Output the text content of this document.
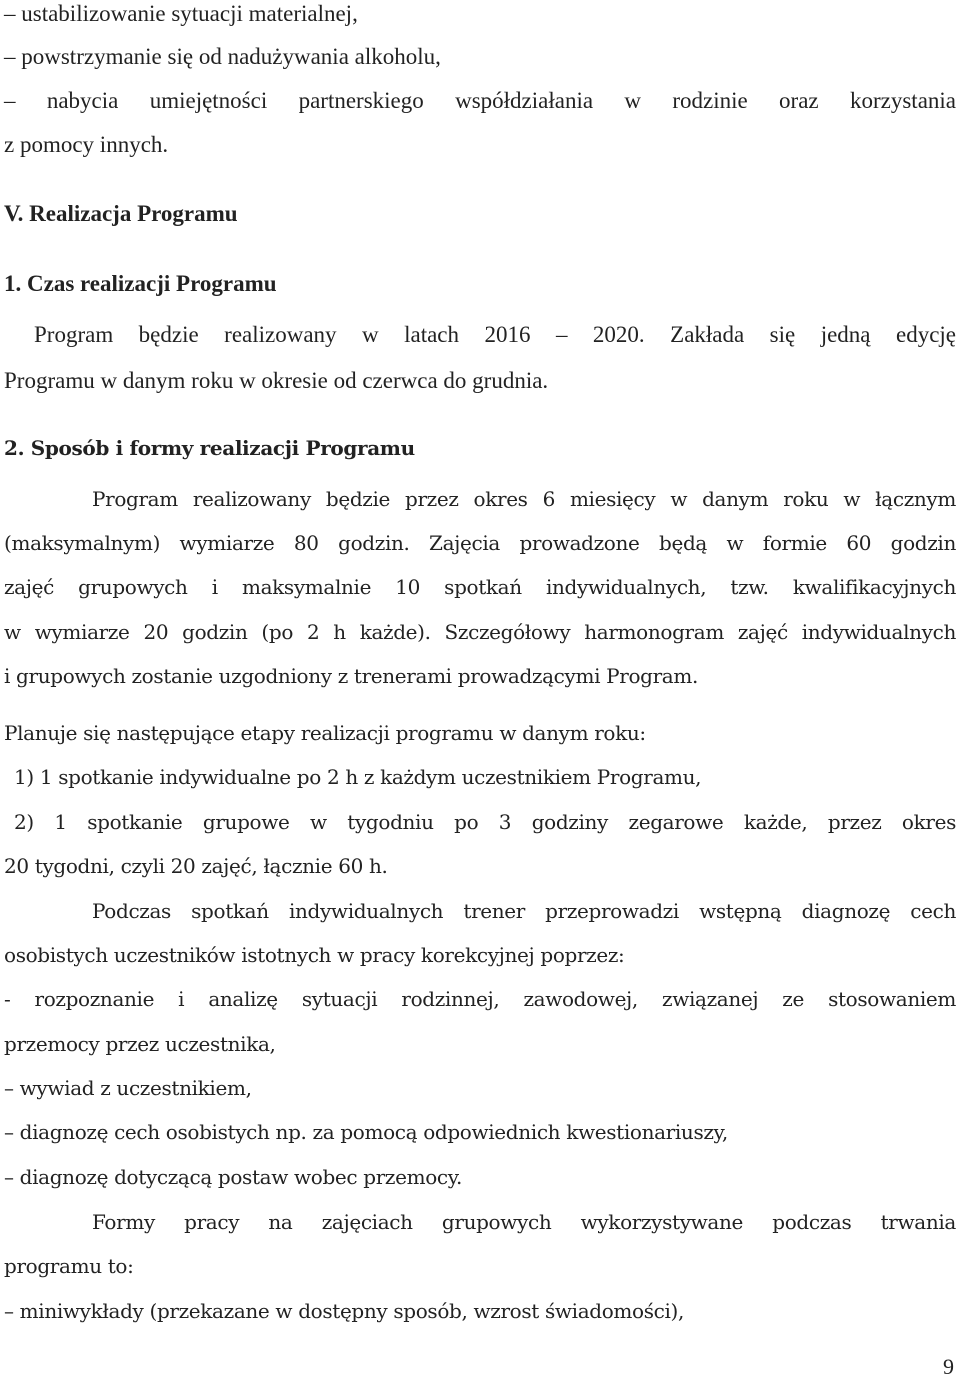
– ustabilizowanie sytuacji materialnej,
– powstrzymanie się od nadużywania alkoholu,
– nabycia umiejętności partnerskiego współdziałania w rodzinie oraz korzystania
z pomocy innych.
V. Realizacja Programu
1. Czas realizacji Programu
Program będzie realizowany w latach 2016 – 2020. Zakłada się jedną edycję
Programu w danym roku w okresie od czerwca do grudnia.
2. Sposób i formy realizacji Programu
Program realizowany będzie przez okres 6 miesięcy w danym roku w łącznym
(maksymalnym) wymiarze 80 godzin. Zajęcia prowadzone będą w formie 60 godzin
zajęć grupowych i maksymalnie 10 spotkań indywidualnych, tzw. kwalifikacyjnych
w wymiarze 20 godzin (po 2 h każde). Szczegółowy harmonogram zajęć indywidualnych
i grupowych zostanie uzgodniony z trenerami prowadzącymi Program.
Planuje się następujące etapy realizacji programu w danym roku:
1) 1 spotkanie indywidualne po 2 h z każdym uczestnikiem Programu,
2) 1 spotkanie grupowe w tygodniu po 3 godziny zegarowe każde, przez okres
20 tygodni, czyli 20 zajęć, łącznie 60 h.
Podczas spotkań indywidualnych trener przeprowadzi wstępną diagnozę cech
osobistych uczestników istotnych w pracy korekcyjnej poprzez:
- rozpoznanie i analizę sytuacji rodzinnej, zawodowej, związanej ze stosowaniem
przemocy przez uczestnika,
– wywiad z uczestnikiem,
– diagnozę cech osobistych np. za pomocą odpowiednich kwestionariuszy,
– diagnozę dotyczącą postaw wobec przemocy.
Formy pracy na zajęciach grupowych wykorzystywane podczas trwania
programu to:
– miniwykłady (przekazane w dostępny sposób, wzrost świadomości),
9
